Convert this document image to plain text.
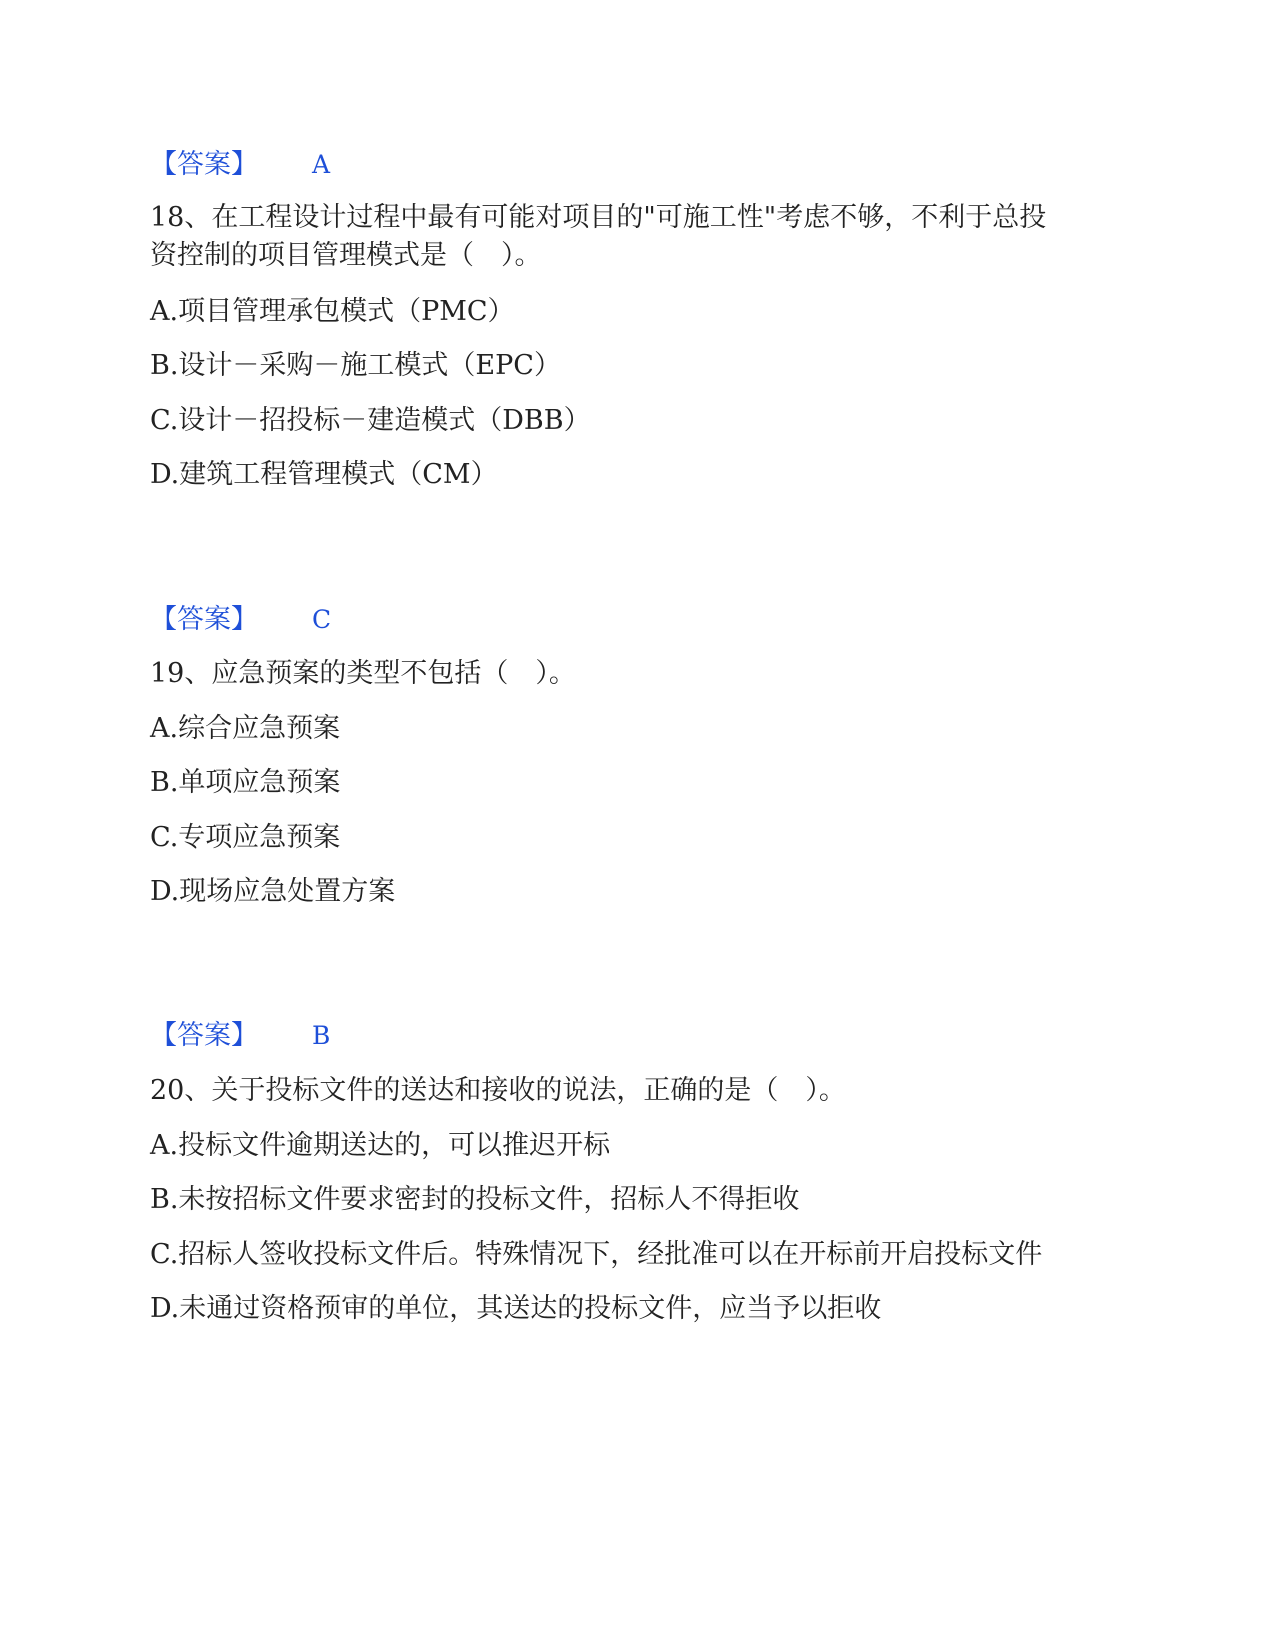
【答案】 A
18、在工程设计过程中最有可能对项目的"可施工性"考虑不够，不利于总投
资控制的项目管理模式是（　）。
A.项目管理承包模式（PMC）
B.设计－采购－施工模式（EPC）
C.设计－招投标－建造模式（DBB）
D.建筑工程管理模式（CM）
【答案】 C
19、应急预案的类型不包括（　）。
A.综合应急预案
B.单项应急预案
C.专项应急预案
D.现场应急处置方案
【答案】 B
20、关于投标文件的送达和接收的说法，正确的是（　）。
A.投标文件逾期送达的，可以推迟开标
B.未按招标文件要求密封的投标文件，招标人不得拒收
C.招标人签收投标文件后。特殊情况下，经批准可以在开标前开启投标文件
D.未通过资格预审的单位，其送达的投标文件，应当予以拒收
